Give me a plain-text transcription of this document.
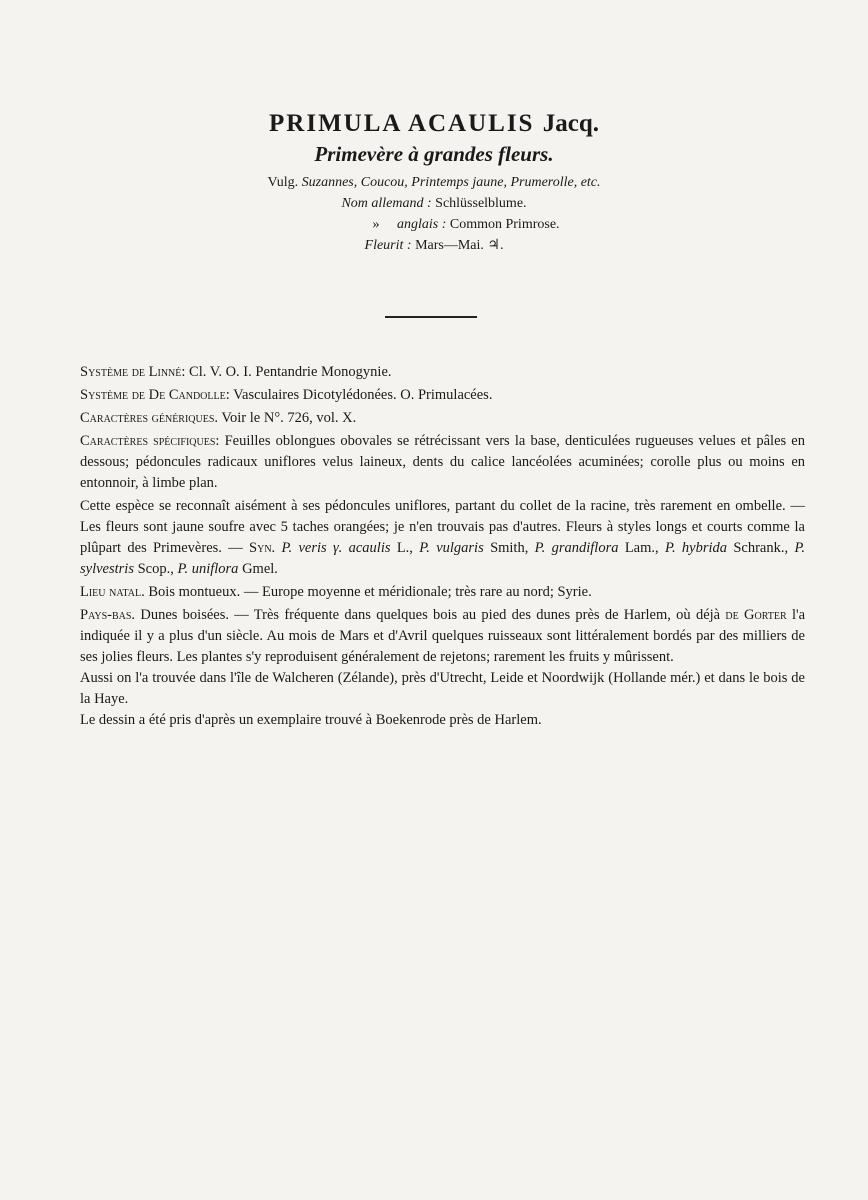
PRIMULA ACAULIS Jacq.
Primevère à grandes fleurs.
Vulg. Suzannes, Coucou, Printemps jaune, Prumerolle, etc.
Nom allemand : Schlüsselblume.
» anglais : Common Primrose.
Fleurit : Mars—Mai. ♃.

Système de Linné: Cl. V. O. I. Pentandrie Monogynie.

Système de De Candolle: Vasculaires Dicotylédonées. O. Primulacées.

Caractères génériques. Voir le N°. 726, vol. X.

Caractères spécifiques: Feuilles oblongues obovales se rétrécissant vers la base, denticulées rugueuses velues et pâles en dessous; pédoncules radicaux uniflores velus laineux, dents du calice lancéolées acuminées; corolle plus ou moins en entonnoir, à limbe plan.

Cette espèce se reconnaît aisément à ses pédoncules uniflores, partant du collet de la racine, très rarement en ombelle. — Les fleurs sont jaune soufre avec 5 taches orangées; je n'en trouvais pas d'autres. Fleurs à styles longs et courts comme la plûpart des Primevères. — Syn. P. veris γ. acaulis L., P. vulgaris Smith, P. grandiflora Lam., P. hybrida Schrank., P. sylvestris Scop., P. uniflora Gmel.

Lieu natal. Bois montueux. — Europe moyenne et méridionale; très rare au nord; Syrie.

Pays-bas. Dunes boisées. — Très fréquente dans quelques bois au pied des dunes près de Harlem, où déjà de Gorter l'a indiquée il y a plus d'un siècle. Au mois de Mars et d'Avril quelques ruisseaux sont littéralement bordés par des milliers de ses jolies fleurs. Les plantes s'y reproduisent généralement de rejetons; rarement les fruits y mûrissent.

Aussi on l'a trouvée dans l'île de Walcheren (Zélande), près d'Utrecht, Leide et Noordwijk (Hollande mér.) et dans le bois de la Haye.

Le dessin a été pris d'après un exemplaire trouvé à Boekenrode près de Harlem.
